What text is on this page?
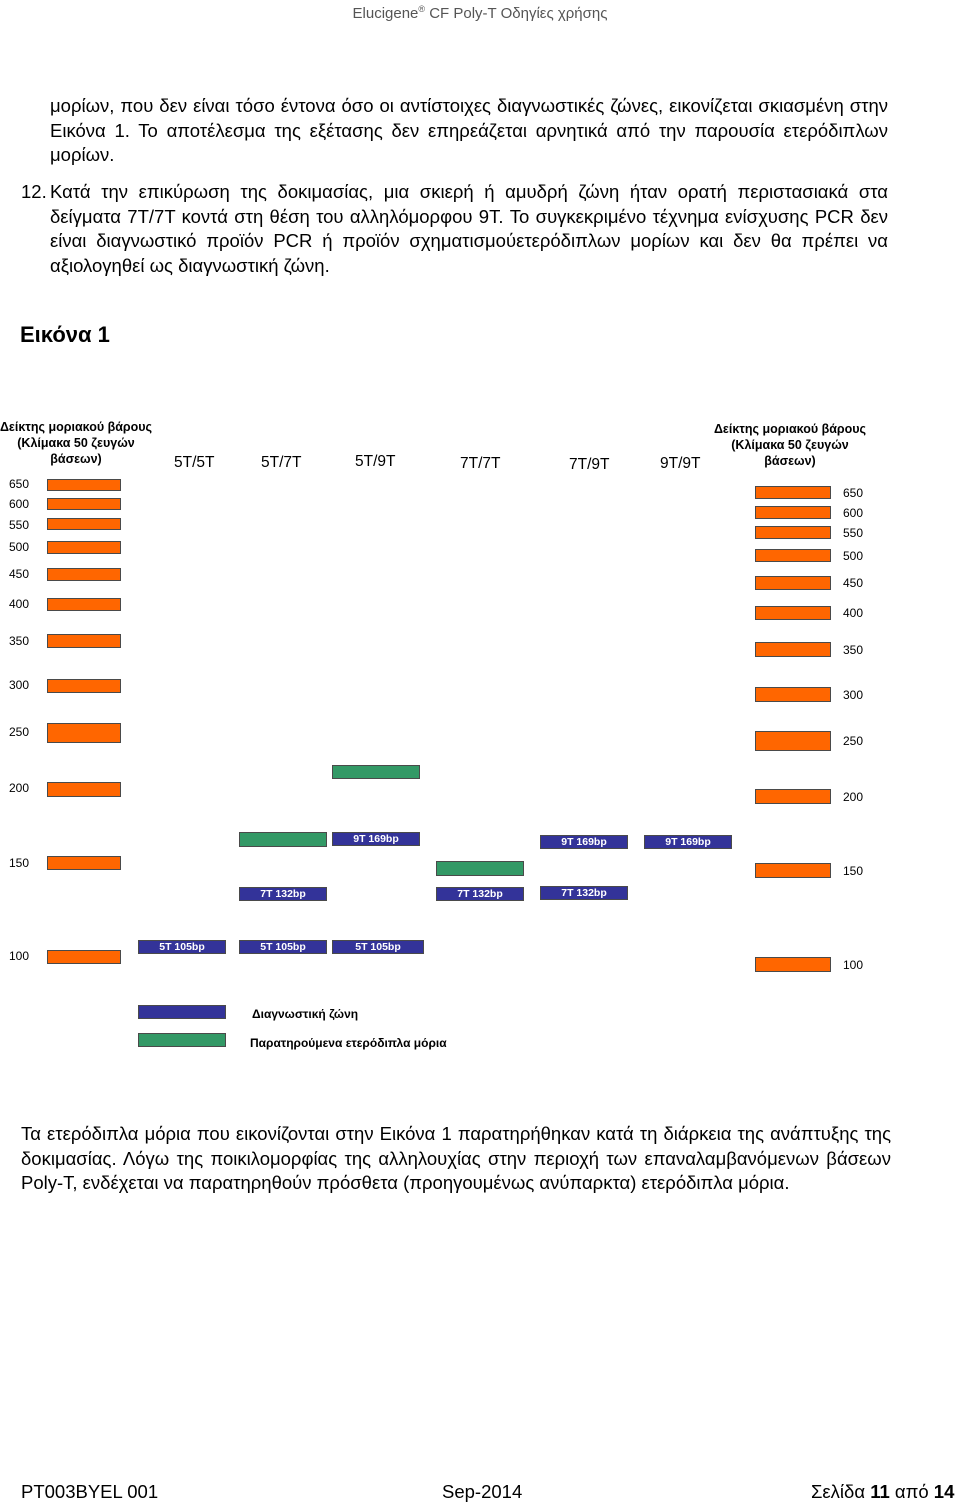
Elucigene® CF Poly-T Οδηγίες χρήσης
μορίων, που δεν είναι τόσο έντονα όσο οι αντίστοιχες διαγνωστικές ζώνες, εικονίζεται σκιασμένη στην Εικόνα 1. Το αποτέλεσμα της εξέτασης δεν επηρεάζεται αρνητικά από την παρουσία ετερόδιπλων μορίων.
12. Κατά την επικύρωση της δοκιμασίας, μια σκιερή ή αμυδρή ζώνη ήταν ορατή περιστασιακά στα δείγματα 7T/7T κοντά στη θέση του αλληλόμορφου 9T. Το συγκεκριμένο τέχνημα ενίσχυσης PCR δεν είναι διαγνωστικό προϊόν PCR ή προϊόν σχηματισμούετερόδιπλων μορίων και δεν θα πρέπει να αξιολογηθεί ως διαγνωστική ζώνη.
Εικόνα 1
Δείκτης μοριακού βάρους
(Κλίμακα 50 ζευγών
βάσεων)
Δείκτης μοριακού βάρους
(Κλίμακα 50 ζευγών
βάσεων)
5T/5T	5T/7T	5T/9T	7T/7T	7T/9T	9T/9T
650
600
550
500
450
400
350
300
250
200
150
100
650
600
550
500
450
400
350
300
250
200
150
100
5T 105bp
7T 132bp
5T 105bp
9T 169bp
5T 105bp
7T 132bp
9T 169bp
7T 132bp
9T 169bp
Διαγνωστική ζώνη
Παρατηρούμενα ετερόδιπλα μόρια
Τα ετερόδιπλα μόρια που εικονίζονται στην Εικόνα 1 παρατηρήθηκαν κατά τη διάρκεια της ανάπτυξης της δοκιμασίας. Λόγω της ποικιλομορφίας της αλληλουχίας στην περιοχή των επαναλαμβανόμενων βάσεων Poly-T, ενδέχεται να παρατηρηθούν πρόσθετα (προηγουμένως ανύπαρκτα) ετερόδιπλα μόρια.
PT003BYEL 001	Sep-2014	Σελίδα 11 από 14
